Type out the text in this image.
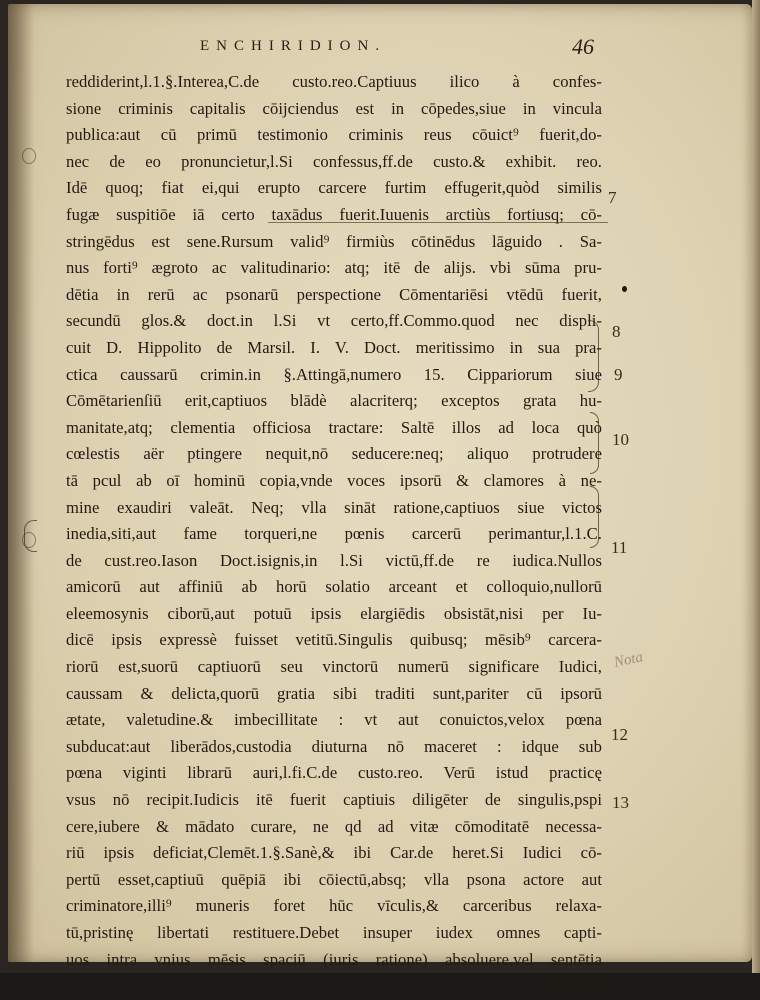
ENCHIRIDION.	46
reddiderint,l.1.§.Interea,C.de custo.reo.Captiuus ilico à confes-
sione criminis capitalis cōijciendus est in cōpedes,siue in vincula
publica:aut cū primū testimonio criminis reus cōuict⁹ fuerit,do-
nec de eo pronuncietur,l.Si confessus,ff.de custo.& exhibit. reo.
Idē quoq; fiat ei,qui erupto carcere furtim effugerit,quòd similis
fugæ suspitiōe iā certo taxādus fuerit.Iuuenis arctiùs fortiusq; cō-
stringēdus est sene.Rursum valid⁹ firmiùs cōtinēdus lāguido . Sa-
nus forti⁹ ægroto ac valitudinario: atq; itē de alijs. vbi sūma pru-
dētia in rerū ac psonarū perspectione Cōmentariēsi vtēdū fuerit,
secundū glos.& doct.in l.Si vt certo,ff.Commo.quod nec displi-
cuit D. Hippolito de Marsil. I. V. Doct. meritissimo in sua pra-
ctica caussarū crimin.in §.Attingā,numero 15. Cippariorum siue
Cōmētarienſiū erit,captiuos blādè alacriterq; exceptos grata hu-
manitate,atq; clementia officiosa tractare: Saltē illos ad loca quò
cœlestis aër ptingere nequit,nō seducere:neq; aliquo protrudere
tā pcul ab oī hominū copia,vnde voces ipsorū & clamores à ne-
mine exaudiri valeāt. Neq; vlla sināt ratione,captiuos siue victos
inedia,siti,aut fame torqueri,ne pœnis carcerū perimantur,l.1.C.
de cust.reo.Iason Doct.isignis,in l.Si victū,ff.de re iudica.Nullos
amicorū aut affiniū ab horū solatio arceant et colloquio,nullorū
eleemosynis ciborū,aut potuū ipsis elargiēdis obsistāt,nisi per Iu-
dicē ipsis expressè fuisset vetitū.Singulis quibusq; mēsib⁹ carcera-
riorū est,suorū captiuorū seu vinctorū numerū significare Iudici,
caussam & delicta,quorū gratia sibi traditi sunt,pariter cū ipsorū
ætate, valetudine.& imbecillitate : vt aut conuictos,velox pœna
subducat:aut liberādos,custodia diuturna nō maceret : idque sub
pœna viginti librarū auri,l.fi.C.de custo.reo. Verū istud practicę
vsus nō recipit.Iudicis itē fuerit captiuis diligēter de singulis,pspi
cere,iubere & mādato curare, ne qd ad vitæ cōmoditatē necessa-
riū ipsis deficiat,Clemēt.1.§.Sanè,& ibi Car.de heret.Si Iudici cō-
pertū esset,captiuū quēpiā ibi cōiectū,absq; vlla psona actore aut
criminatore,illi⁹ muneris foret hūc vīculis,& carceribus relaxa-
tū,pristinę libertati restituere.Debet insuper iudex omnes capti-
uos intra vnius mēsis spaciū (iuris ratione) absoluere,vel sentētia
damna-
7
8
9
10
11
12
13
Nota
